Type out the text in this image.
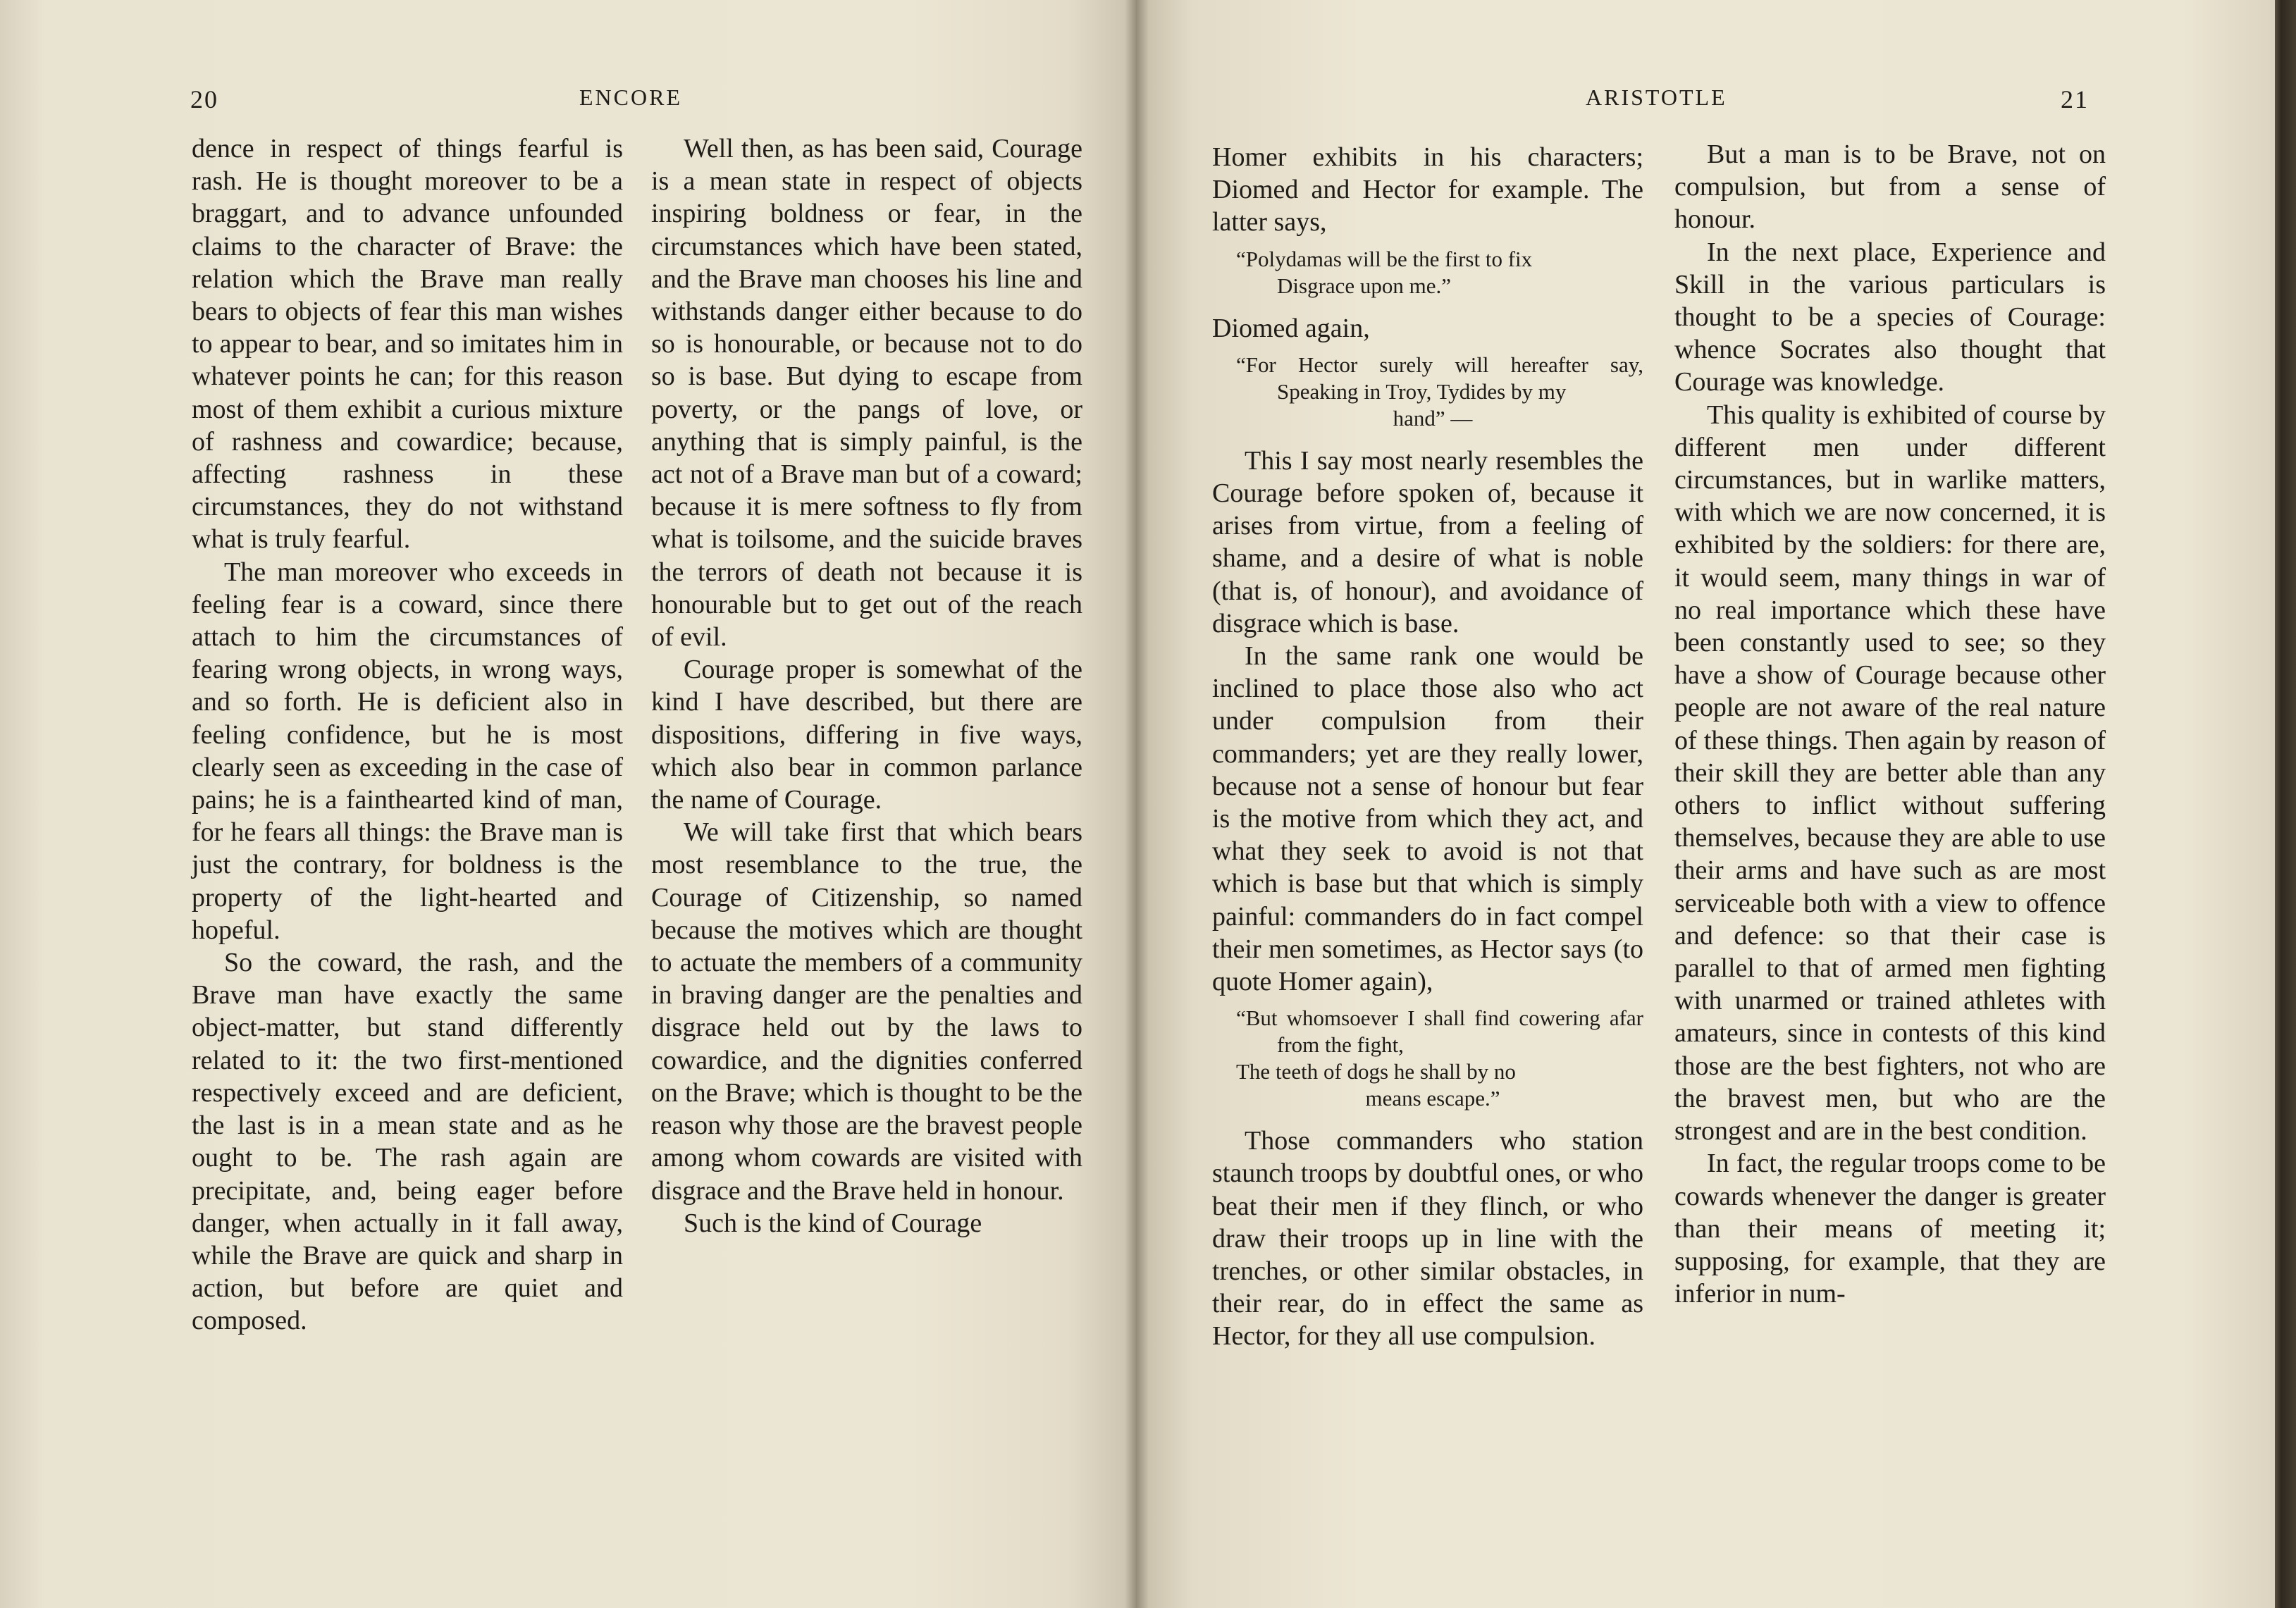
20	ENCORE

dence in respect of things fearful is rash. He is thought moreover to be a braggart, and to advance unfounded claims to the character of Brave: the relation which the Brave man really bears to objects of fear this man wishes to appear to bear, and so imitates him in whatever points he can; for this reason most of them exhibit a curious mixture of rashness and cowardice; because, affecting rashness in these circumstances, they do not withstand what is truly fearful.

The man moreover who exceeds in feeling fear is a coward, since there attach to him the circumstances of fearing wrong objects, in wrong ways, and so forth. He is deficient also in feeling confidence, but he is most clearly seen as exceeding in the case of pains; he is a fainthearted kind of man, for he fears all things: the Brave man is just the contrary, for boldness is the property of the light-hearted and hopeful.

So the coward, the rash, and the Brave man have exactly the same object-matter, but stand differently related to it: the two first-mentioned respectively exceed and are deficient, the last is in a mean state and as he ought to be. The rash again are precipitate, and, being eager before danger, when actually in it fall away, while the Brave are quick and sharp in action, but before are quiet and composed.

Well then, as has been said, Courage is a mean state in respect of objects inspiring boldness or fear, in the circumstances which have been stated, and the Brave man chooses his line and withstands danger either because to do so is honourable, or because not to do so is base. But dying to escape from poverty, or the pangs of love, or anything that is simply painful, is the act not of a Brave man but of a coward; because it is mere softness to fly from what is toilsome, and the suicide braves the terrors of death not because it is honourable but to get out of the reach of evil.

Courage proper is somewhat of the kind I have described, but there are dispositions, differing in five ways, which also bear in common parlance the name of Courage.

We will take first that which bears most resemblance to the true, the Courage of Citizenship, so named because the motives which are thought to actuate the members of a community in braving danger are the penalties and disgrace held out by the laws to cowardice, and the dignities conferred on the Brave; which is thought to be the reason why those are the bravest people among whom cowards are visited with disgrace and the Brave held in honour.

Such is the kind of Courage

ARISTOTLE	21

Homer exhibits in his characters; Diomed and Hector for example. The latter says,

“Polydamas will be the first to fix
Disgrace upon me.”

Diomed again,

“For Hector surely will hereafter say, Speaking in Troy, Tydides by my
hand” —

This I say most nearly resembles the Courage before spoken of, because it arises from virtue, from a feeling of shame, and a desire of what is noble (that is, of honour), and avoidance of disgrace which is base.

In the same rank one would be inclined to place those also who act under compulsion from their commanders; yet are they really lower, because not a sense of honour but fear is the motive from which they act, and what they seek to avoid is not that which is base but that which is simply painful: commanders do in fact compel their men sometimes, as Hector says (to quote Homer again),

“But whomsoever I shall find cowering afar from the fight,
The teeth of dogs he shall by no
means escape.”

Those commanders who station staunch troops by doubtful ones, or who beat their men if they flinch, or who draw their troops up in line with the trenches, or other similar obstacles, in their rear, do in effect the same as Hector, for they all use compulsion.

But a man is to be Brave, not on compulsion, but from a sense of honour.

In the next place, Experience and Skill in the various particulars is thought to be a species of Courage: whence Socrates also thought that Courage was knowledge.

This quality is exhibited of course by different men under different circumstances, but in warlike matters, with which we are now concerned, it is exhibited by the soldiers: for there are, it would seem, many things in war of no real importance which these have been constantly used to see; so they have a show of Courage because other people are not aware of the real nature of these things. Then again by reason of their skill they are better able than any others to inflict without suffering themselves, because they are able to use their arms and have such as are most serviceable both with a view to offence and defence: so that their case is parallel to that of armed men fighting with unarmed or trained athletes with amateurs, since in contests of this kind those are the best fighters, not who are the bravest men, but who are the strongest and are in the best condition.

In fact, the regular troops come to be cowards whenever the danger is greater than their means of meeting it; supposing, for example, that they are inferior in num-
